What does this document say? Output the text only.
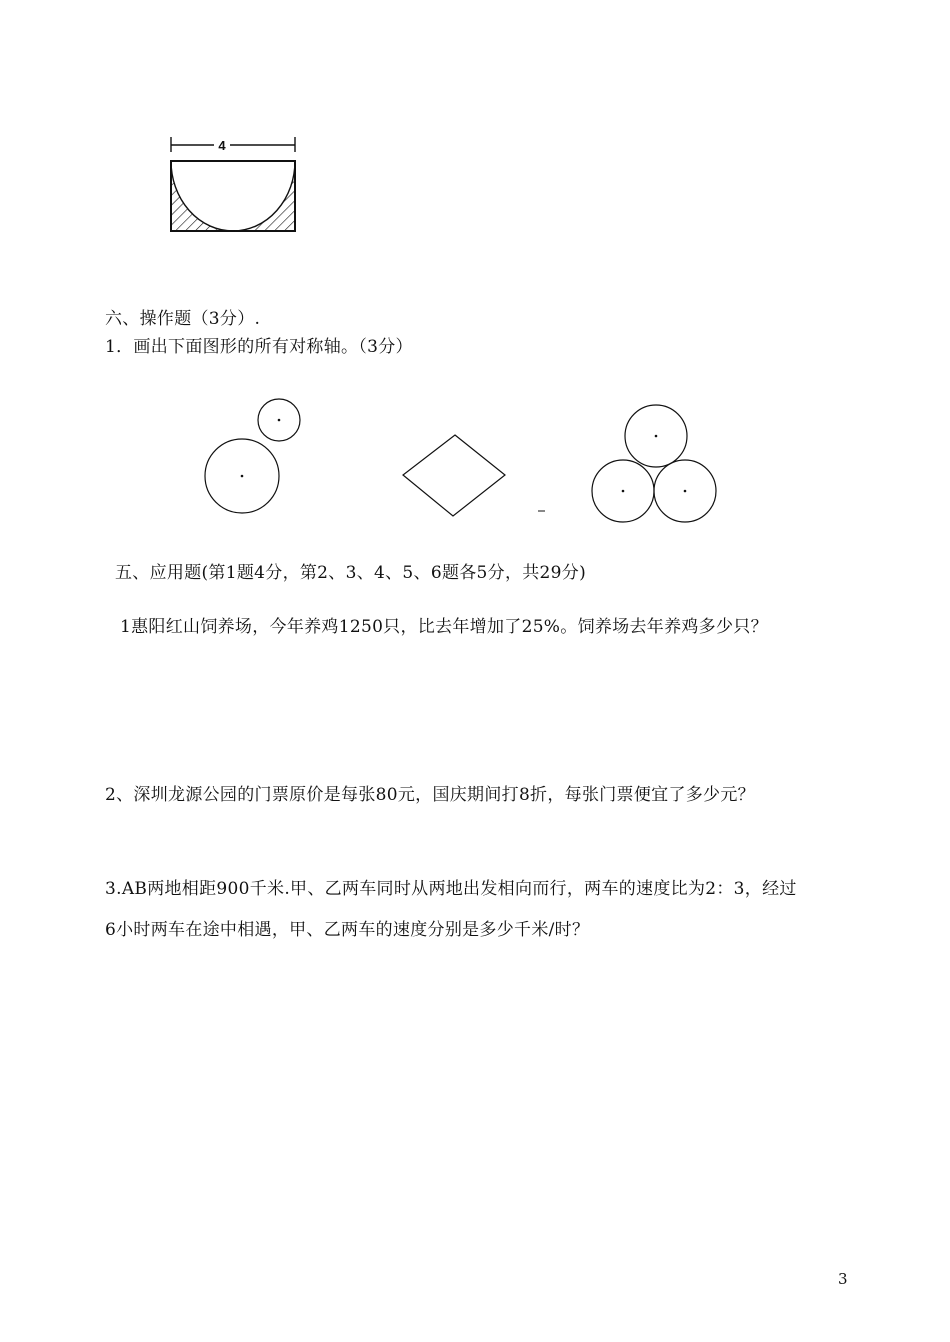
4
六、操作题（3分）.
1．画出下面图形的所有对称轴。（3分）
五、应用题(第1题4分，第2、3、4、5、6题各5分，共29分)
1惠阳红山饲养场，今年养鸡1250只，比去年增加了25%。饲养场去年养鸡多少只？
2、深圳龙源公园的门票原价是每张80元，国庆期间打8折，每张门票便宜了多少元？
3.AB两地相距900千米.甲、乙两车同时从两地出发相向而行，两车的速度比为2：3，经过
6小时两车在途中相遇，甲、乙两车的速度分别是多少千米/时？
3
